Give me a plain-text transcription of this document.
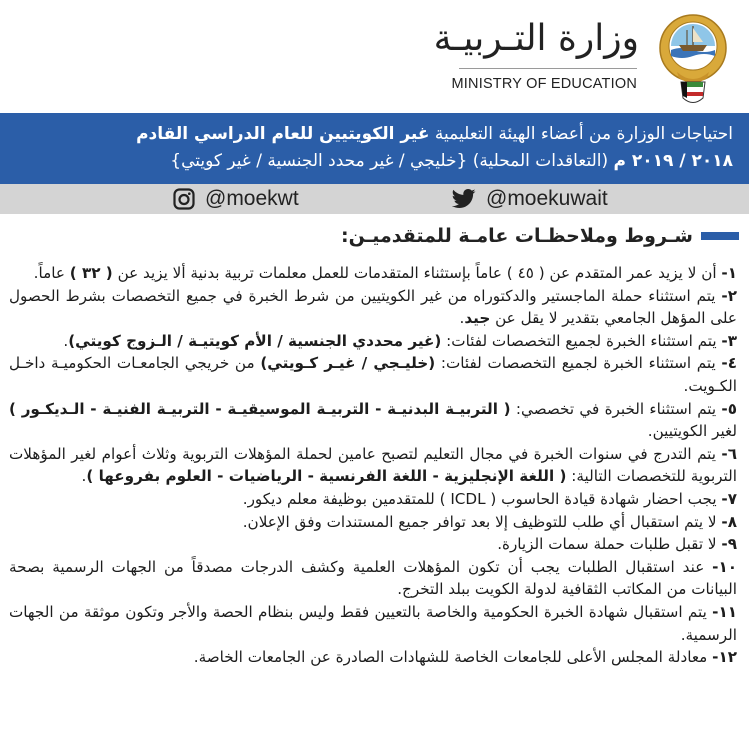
وزارة التـربيـة
MINISTRY OF EDUCATION
احتياجات الوزارة من أعضاء الهيئة التعليمية غير الكويتيين للعام الدراسي القادم
٢٠١٨ / ٢٠١٩ م (التعاقدات المحلية) {خليجي / غير محدد الجنسية / غير كويتي}
@moekwt	@moekuwait
شـروط وملاحظـات عامـة للمتقدميـن:

١- أن لا يزيد عمر المتقدم عن ( ٤٥ ) عاماً بإستثناء المتقدمات للعمل معلمات تربية بدنية ألا يزيد عن ( ٣٢ ) عاماً.

٢- يتم استثناء حملة الماجستير والدكتوراه من غير الكويتيين من شرط الخبرة في جميع التخصصات بشرط الحصول على المؤهل الجامعي بتقدير لا يقل عن جيد.

٣- يتم استثناء الخبرة لجميع التخصصات لفئات: (غير محددي الجنسية / الأم كويتيـة / الـزوج كويتي).

٤- يتم استثناء الخبرة لجميع التخصصات لفئات: (خليـجي / غيـر كـويتي) من خريجي الجامعـات الحكوميـة داخـل الكـويت.

٥- يتم استثناء الخبرة في تخصصي: ( التربيـة البدنيـة - التربيـة الموسيقيـة - التربيـة الفنيـة - الـديكـور ) لغير الكويتيين.

٦- يتم التدرج في سنوات الخبرة في مجال التعليم لتصبح عامين لحملة المؤهلات التربوية وثلاث أعوام لغير المؤهلات التربوية للتخصصات التالية: ( اللغة الإنجليزية - اللغة الفرنسية - الرياضيات - العلوم بفروعها ).

٧- يجب احضار شهادة قيادة الحاسوب ( ICDL ) للمتقدمين بوظيفة معلم ديكور.

٨- لا يتم استقبال أي طلب للتوظيف إلا بعد توافر جميع المستندات وفق الإعلان.

٩- لا تقبل طلبات حملة سمات الزيارة.

١٠- عند استقبال الطلبات يجب أن تكون المؤهلات العلمية وكشف الدرجات مصدقاً من الجهات الرسمية بصحة البيانات من المكاتب الثقافية لدولة الكويت ببلد التخرج.

١١- يتم استقبال شهادة الخبرة الحكومية والخاصة بالتعيين فقط وليس بنظام الحصة والأجر وتكون موثقة من الجهات الرسمية.

١٢- معادلة المجلس الأعلى للجامعات الخاصة للشهادات الصادرة عن الجامعات الخاصة.
